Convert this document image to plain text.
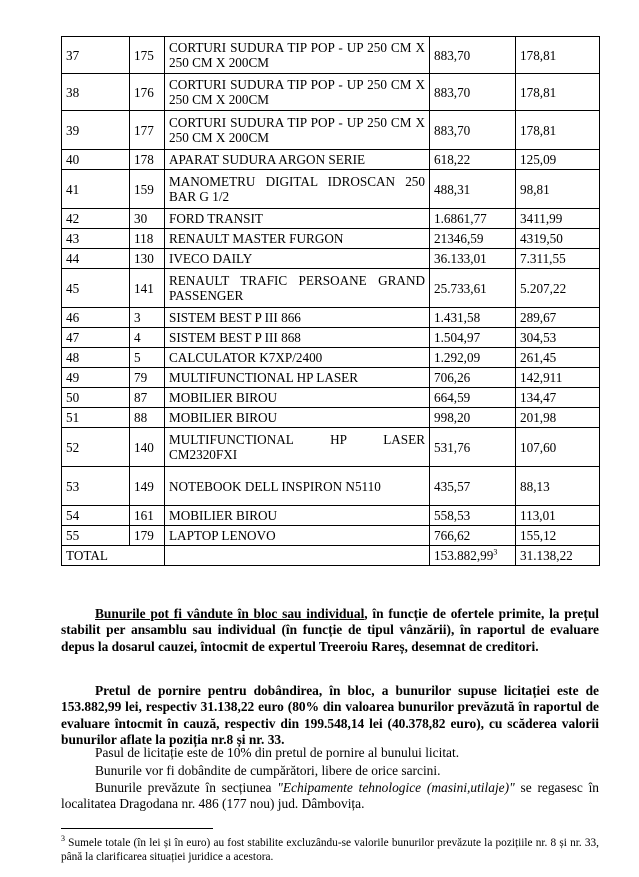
37	175	CORTURI SUDURA TIP POP - UP 250 CM X 250 CM X 200CM	883,70	178,81
38	176	CORTURI SUDURA TIP POP - UP 250 CM X 250 CM X 200CM	883,70	178,81
39	177	CORTURI SUDURA TIP POP - UP 250 CM X 250 CM X 200CM	883,70	178,81
40	178	APARAT SUDURA ARGON SERIE	618,22	125,09
41	159	MANOMETRU DIGITAL IDROSCAN 250 BAR G 1/2	488,31	98,81
42	30	FORD TRANSIT	1.6861,77	3411,99
43	118	RENAULT MASTER FURGON	21346,59	4319,50
44	130	IVECO DAILY	36.133,01	7.311,55
45	141	RENAULT TRAFIC PERSOANE GRAND PASSENGER	25.733,61	5.207,22
46	3	SISTEM BEST P III 866	1.431,58	289,67
47	4	SISTEM BEST P III 868	1.504,97	304,53
48	5	CALCULATOR K7XP/2400	1.292,09	261,45
49	79	MULTIFUNCTIONAL HP LASER	706,26	142,911
50	87	MOBILIER BIROU	664,59	134,47
51	88	MOBILIER BIROU	998,20	201,98
52	140	MULTIFUNCTIONAL HP LASER CM2320FXI	531,76	107,60
53	149	NOTEBOOK DELL INSPIRON N5110	435,57	88,13
54	161	MOBILIER BIROU	558,53	113,01
55	179	LAPTOP LENOVO	766,62	155,12
TOTAL			153.882,99$^3$	31.138,22
Bunurile pot fi vândute în bloc sau individual, în funcție de ofertele primite, la prețul stabilit per ansamblu sau individual (în funcție de tipul vânzării), în raportul de evaluare depus la dosarul cauzei, întocmit de expertul Treeroiu Rareș, desemnat de creditori.
Pretul de pornire pentru dobândirea, în bloc, a bunurilor supuse licitației este de 153.882,99 lei, respectiv 31.138,22 euro (80% din valoarea bunurilor prevăzută în raportul de evaluare întocmit în cauză, respectiv din 199.548,14 lei (40.378,82 euro), cu scăderea valorii bunurilor aflate la poziția nr.8 și nr. 33.
Pasul de licitație este de 10% din pretul de pornire al bunului licitat.
Bunurile vor fi dobândite de cumpărători, libere de orice sarcini.
Bunurile prevăzute în secțiunea "Echipamente tehnologice (masini,utilaje)" se regasesc în localitatea Dragodana nr. 486 (177 nou) jud. Dâmbovița.
$^3$ Sumele totale (în lei și în euro) au fost stabilite excluzându-se valorile bunurilor prevăzute la pozițiile nr. 8 și nr. 33, până la clarificarea situației juridice a acestora.
